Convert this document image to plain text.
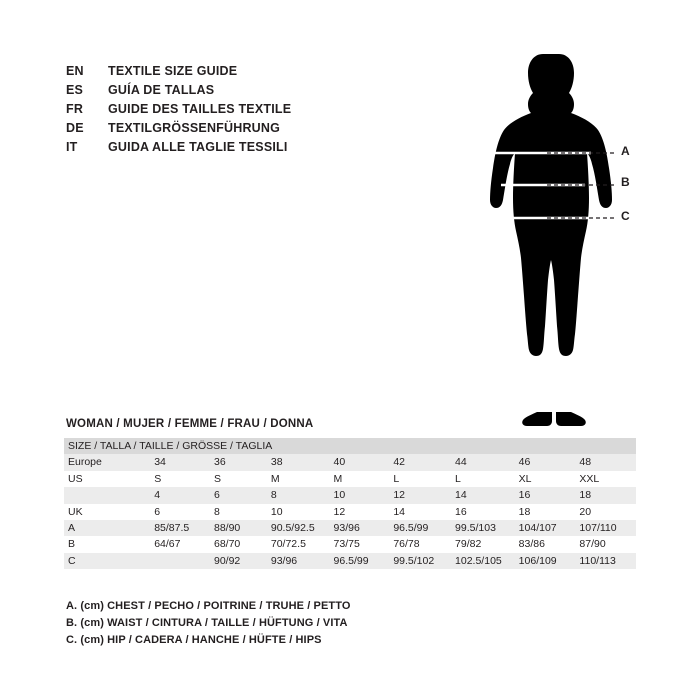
EN	TEXTILE SIZE GUIDE
ES	GUÍA DE TALLAS
FR	GUIDE DES TAILLES TEXTILE
DE	TEXTILGRÖSSENFÜHRUNG
IT	GUIDA ALLE TAGLIE TESSILI	A
B
C
WOMAN / MUJER / FEMME / FRAU / DONNA
SIZE / TALLA / TAILLE / GRÖSSE / TAGLIA								
Europe	34	36	38	40	42	44	46	48
US	S	S	M	M	L	L	XL	XXL
	4	6	8	10	12	14	16	18
UK	6	8	10	12	14	16	18	20
A	85/87.5	88/90	90.5/92.5	93/96	96.5/99	99.5/103	104/107	107/110
B	64/67	68/70	70/72.5	73/75	76/78	79/82	83/86	87/90
C		90/92	93/96	96.5/99	99.5/102	102.5/105	106/109	110/113
A. (cm) CHEST / PECHO / POITRINE / TRUHE / PETTO
B. (cm) WAIST / CINTURA / TAILLE / HÜFTUNG / VITA
C. (cm) HIP / CADERA / HANCHE / HÜFTE / HIPS
